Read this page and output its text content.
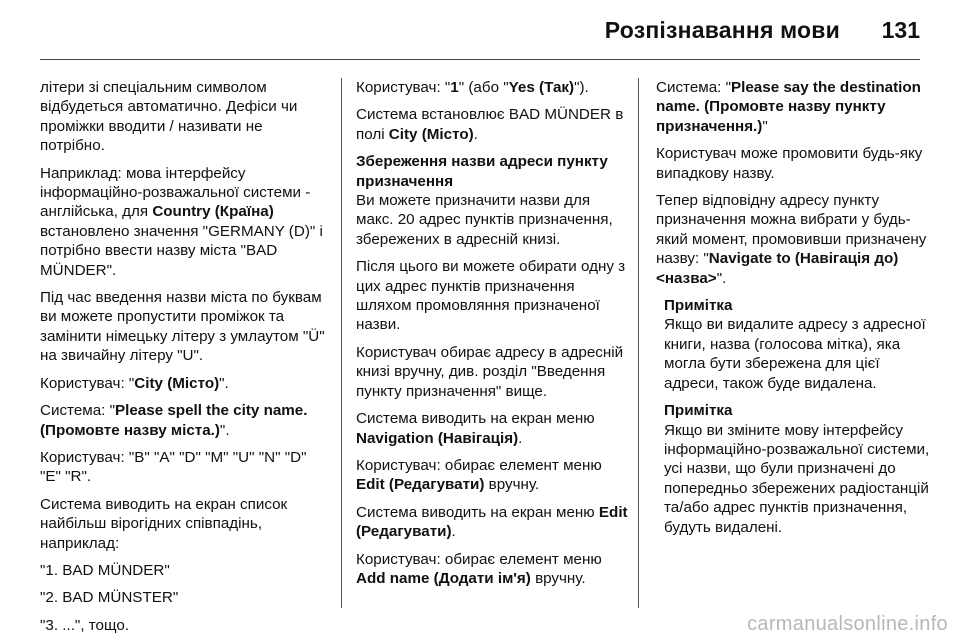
Розпізнавання мови 131

літери зі спеціальним символом відбудеться автоматично. Дефіси чи проміжки вводити / називати не потрібно.

Наприклад: мова інтерфейсу інформаційно-розважальної системи - англійська, для Country (Країна) встановлено значення "GERMANY (D)" і потрібно ввести назву міста "BAD MÜNDER".

Під час введення назви міста по буквам ви можете пропустити проміжок та замінити німецьку літеру з умлаутом "Ü" на звичайну літеру "U".

Користувач: "City (Місто)".

Система: "Please spell the city name. (Промовте назву міста.)".

Користувач: "B" "A" "D" "M" "U" "N" "D" "E" "R".

Система виводить на екран список найбільш вірогідних співпадінь, наприклад:

"1. BAD MÜNDER"

"2. BAD MÜNSTER"

"3. ...", тощо.

Користувач: "1" (або "Yes (Так)").

Система встановлює BAD MÜNDER в полі City (Місто).

Збереження назви адреси пункту призначення

Ви можете призначити назви для макс. 20 адрес пунктів призначення, збережених в адресній книзі.

Після цього ви можете обирати одну з цих адрес пунктів призначення шляхом промовляння призначеної назви.

Користувач обирає адресу в адресній книзі вручну, див. розділ "Введення пункту призначення" вище.

Система виводить на екран меню Navigation (Навігація).

Користувач: обирає елемент меню Edit (Редагувати) вручну.

Система виводить на екран меню Edit (Редагувати).

Користувач: обирає елемент меню Add name (Додати ім'я) вручну.

Система: "Please say the destination name. (Промовте назву пункту призначення.)"

Користувач може промовити будь-яку випадкову назву.

Тепер відповідну адресу пункту призначення можна вибрати у будь-який момент, промовивши призначену назву: "Navigate to (Навігація до) <назва>".

Примітка

Якщо ви видалите адресу з адресної книги, назва (голосова мітка), яка могла бути збережена для цієї адреси, також буде видалена.

Примітка

Якщо ви зміните мову інтерфейсу інформаційно-розважальної системи, усі назви, що були призначені до попередньо збережених радіостанцій та/або адрес пунктів призначення, будуть видалені.

carmanualsonline.info
